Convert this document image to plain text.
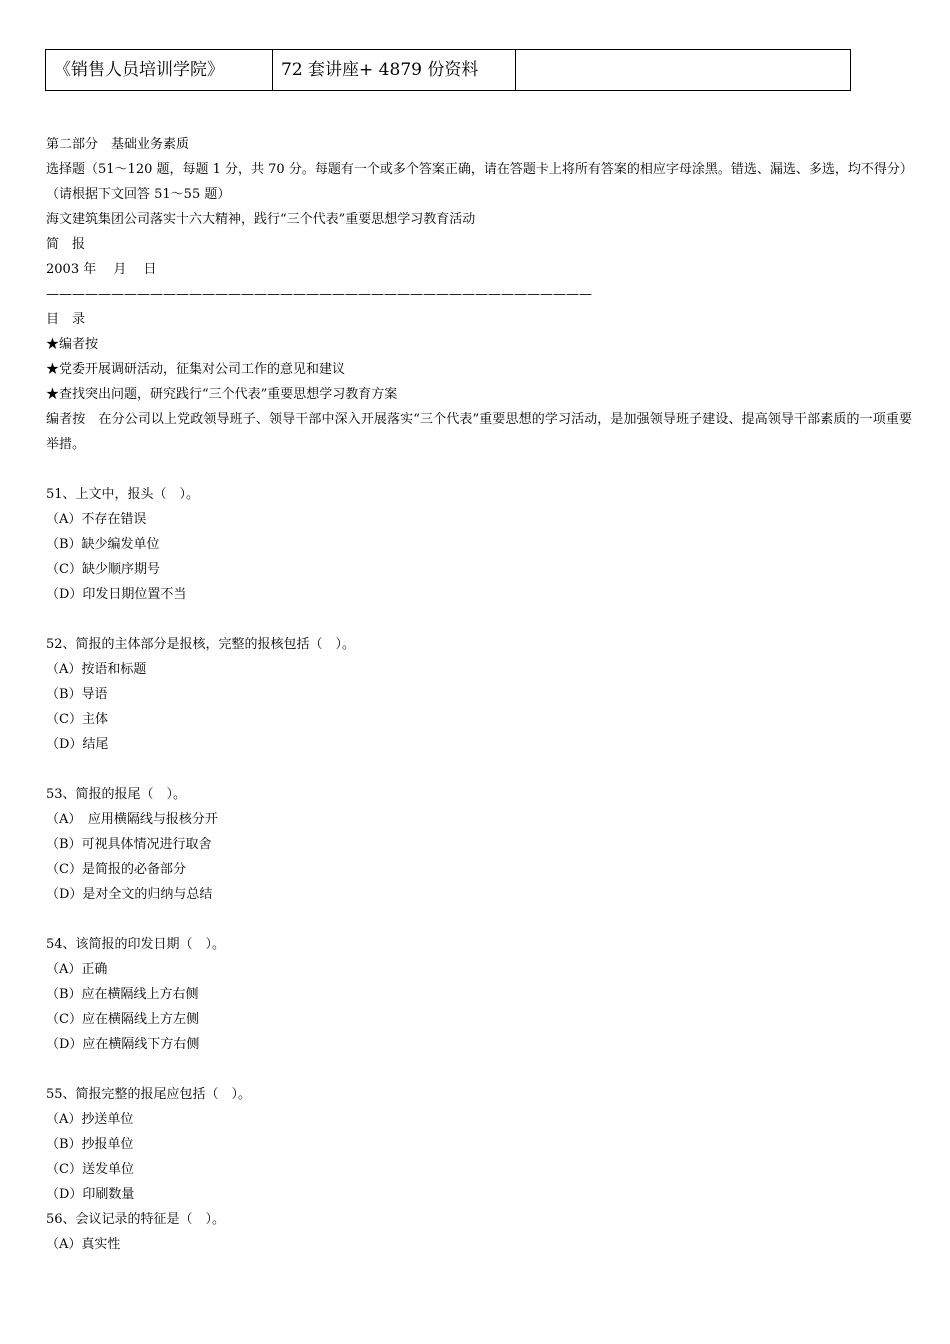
《销售人员培训学院》	72 套讲座+ 4879 份资料	
第二部分　基础业务素质
选择题（51～120 题，每题 1 分，共 70 分。每题有一个或多个答案正确，请在答题卡上将所有答案的相应字母涂黑。错选、漏选、多选，均不得分）
（请根据下文回答 51～55 题）
海文建筑集团公司落实十六大精神，践行“三个代表”重要思想学习教育活动
简　报
2003 年　 月　 日
——————————————————————————————————————————
目　录
★编者按
★党委开展调研活动，征集对公司工作的意见和建议
★查找突出问题，研究践行“三个代表”重要思想学习教育方案
编者按　在分公司以上党政领导班子、领导干部中深入开展落实“三个代表”重要思想的学习活动，是加强领导班子建设、提高领导干部素质的一项重要举措。
51、上文中，报头（　）。
（A）不存在错误
（B）缺少编发单位
（C）缺少顺序期号
（D）印发日期位置不当
52、简报的主体部分是报核，完整的报核包括（　）。
（A）按语和标题
（B）导语
（C）主体
（D）结尾
53、简报的报尾（　）。
（A）　应用横隔线与报核分开
（B）可视具体情况进行取舍
（C）是简报的必备部分
（D）是对全文的归纳与总结
54、该简报的印发日期（　）。
（A）正确
（B）应在横隔线上方右侧
（C）应在横隔线上方左侧
（D）应在横隔线下方右侧
55、简报完整的报尾应包括（　）。
（A）抄送单位
（B）抄报单位
（C）送发单位
（D）印刷数量
56、会议记录的特征是（　）。
（A）真实性
